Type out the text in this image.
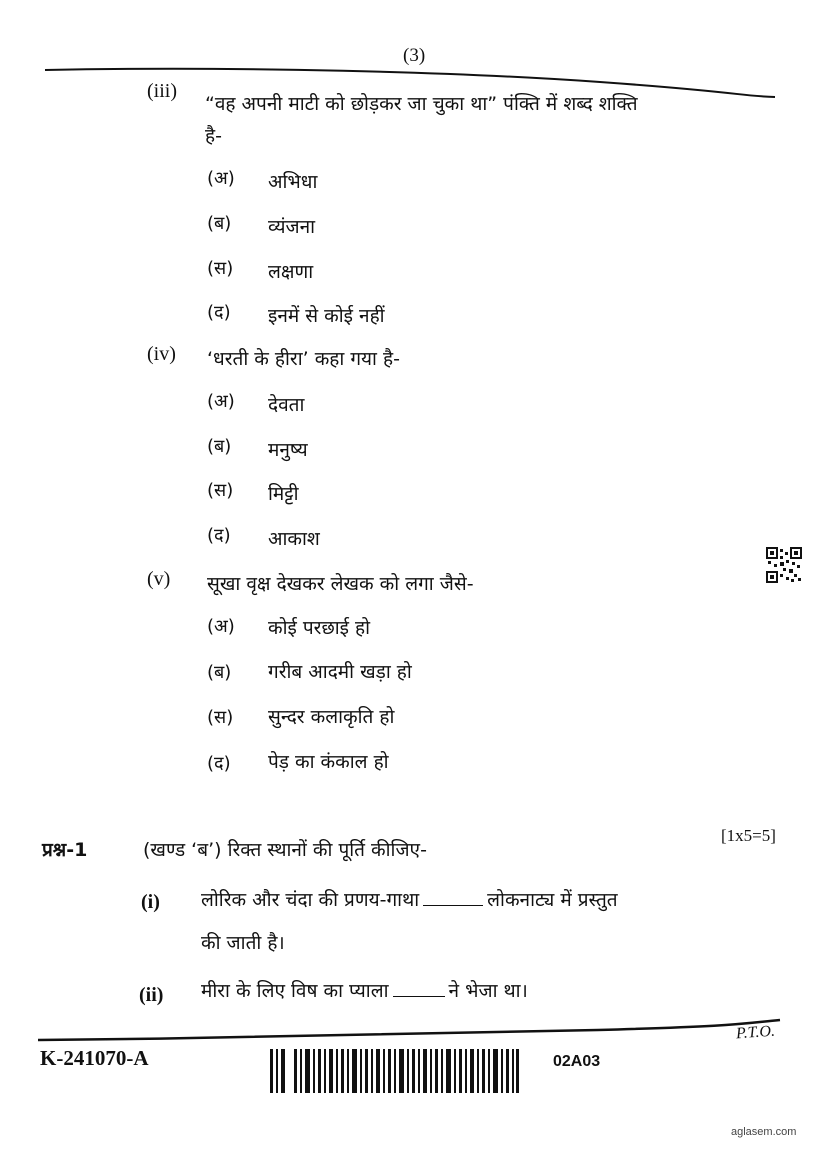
(3)
(iii)
“वह अपनी माटी को छोड़कर जा चुका था” पंक्ति में शब्द शक्ति
है-
(अ) अभिधा
(ब) व्यंजना
(स) लक्षणा
(द) इनमें से कोई नहीं
(iv) ‘धरती के हीरा’ कहा गया है-
(अ) देवता
(ब) मनुष्य
(स) मिट्टी
(द) आकाश
(v) सूखा वृक्ष देखकर लेखक को लगा जैसे-
(अ) कोई परछाई हो
(ब) गरीब आदमी खड़ा हो
(स) सुन्दर कलाकृति हो
(द) पेड़ का कंकाल हो
प्रश्न-1	(खण्ड ‘ब’) रिक्त स्थानों की पूर्ति कीजिए-
[1x5=5]
(i) लोरिक और चंदा की प्रणय-गाथा	लोकनाट्य में प्रस्तुत
की जाती है।
(ii) मीरा के लिए विष का प्याला	ने भेजा था।
P.T.O.
K-241070-A	02A03
aglasem.com
